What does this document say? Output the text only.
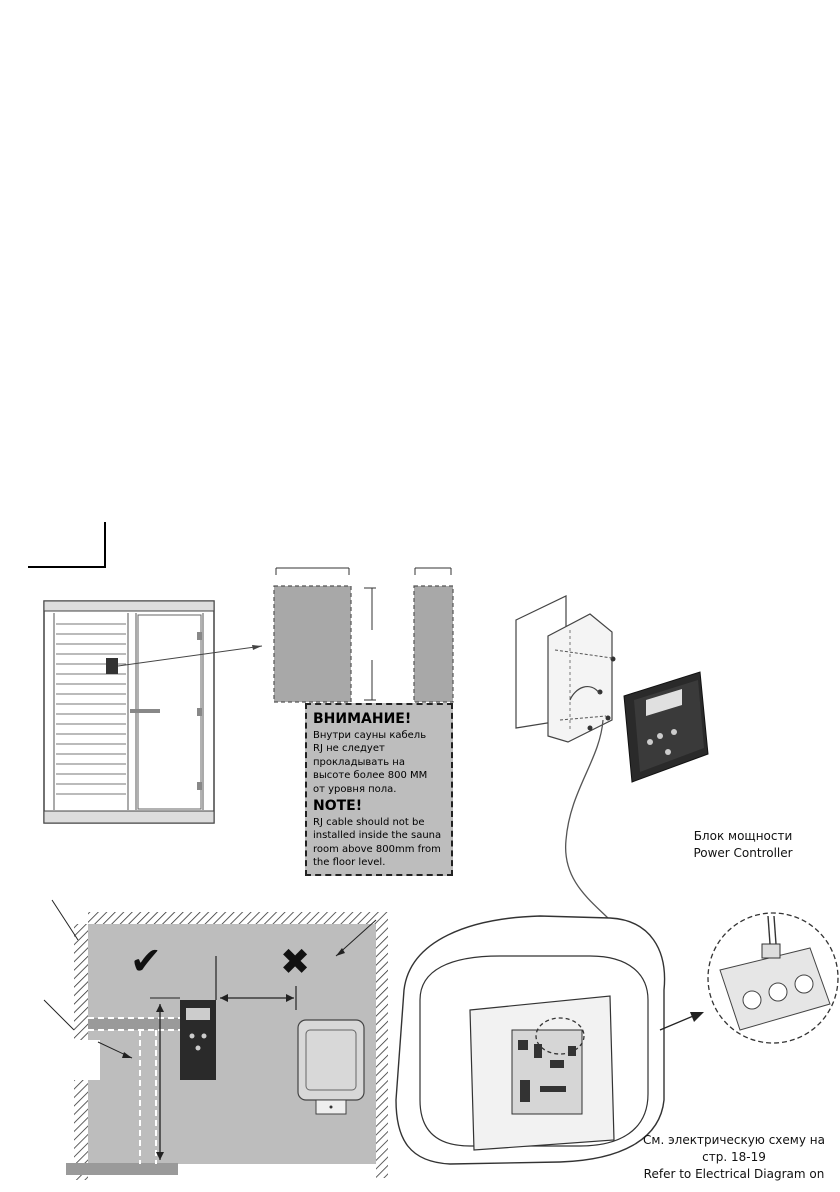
✔	✖
ВНИМАНИЕ!
Внутри сауны кабель
RJ не следует
прокладывать на
высоте более 800 ММ
от уровня пола.
NOTE!
RJ cable should not be
installed inside the sauna
room above 800mm from
the floor level.
Блок мощности
Power Controller
См. электрическую схему на
стр. 18-19
Refer to Electrical Diagram on
